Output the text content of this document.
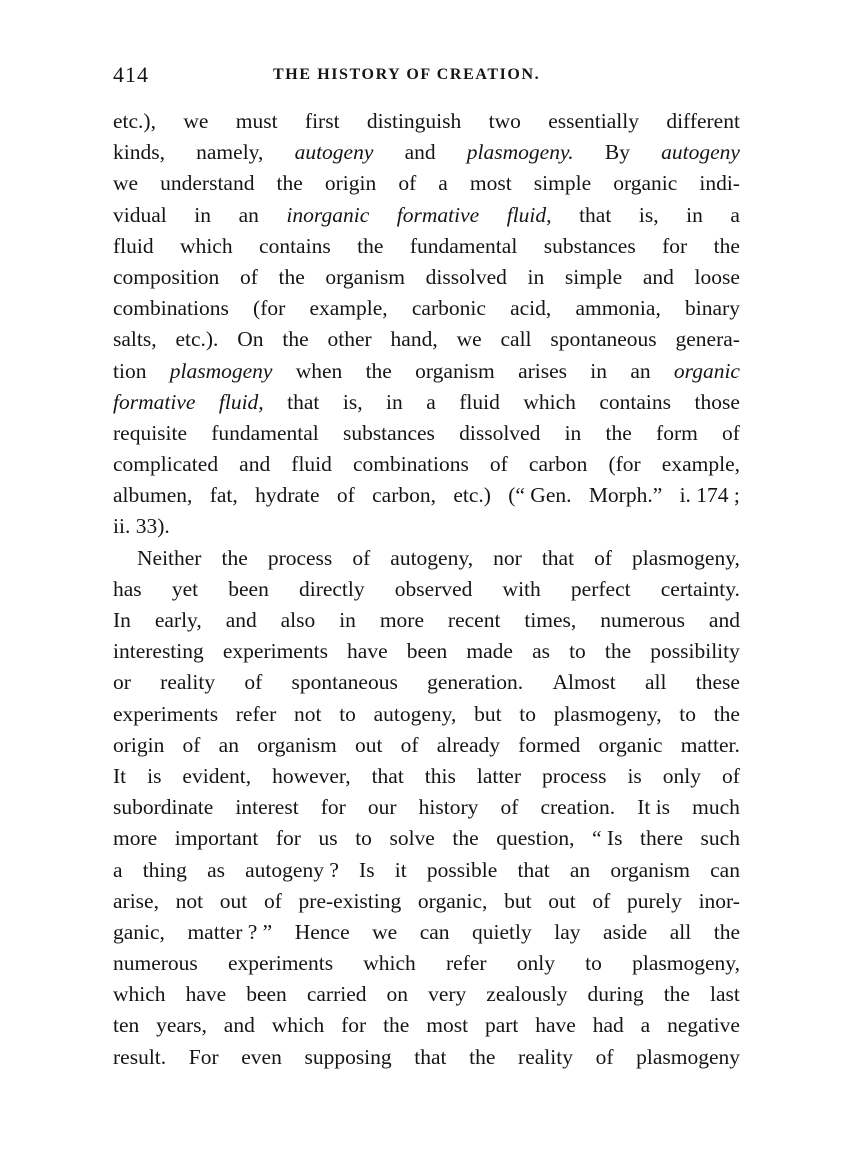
414	THE HISTORY OF CREATION.
etc.), we must first distinguish two essentially different
kinds, namely, autogeny and plasmogeny. By autogeny
we understand the origin of a most simple organic indi-
vidual in an inorganic formative fluid, that is, in a
fluid which contains the fundamental substances for the
composition of the organism dissolved in simple and loose
combinations (for example, carbonic acid, ammonia, binary
salts, etc.). On the other hand, we call spontaneous genera-
tion plasmogeny when the organism arises in an organic
formative fluid, that is, in a fluid which contains those
requisite fundamental substances dissolved in the form of
complicated and fluid combinations of carbon (for example,
albumen, fat, hydrate of carbon, etc.) (“ Gen. Morph.” i. 174 ;
ii. 33).
Neither the process of autogeny, nor that of plasmogeny,
has yet been directly observed with perfect certainty.
In early, and also in more recent times, numerous and
interesting experiments have been made as to the possibility
or reality of spontaneous generation. Almost all these
experiments refer not to autogeny, but to plasmogeny, to the
origin of an organism out of already formed organic matter.
It is evident, however, that this latter process is only of
subordinate interest for our history of creation. It is much
more important for us to solve the question, “ Is there such
a thing as autogeny ? Is it possible that an organism can
arise, not out of pre-existing organic, but out of purely inor-
ganic, matter ? ” Hence we can quietly lay aside all the
numerous experiments which refer only to plasmogeny,
which have been carried on very zealously during the last
ten years, and which for the most part have had a negative
result. For even supposing that the reality of plasmogeny
